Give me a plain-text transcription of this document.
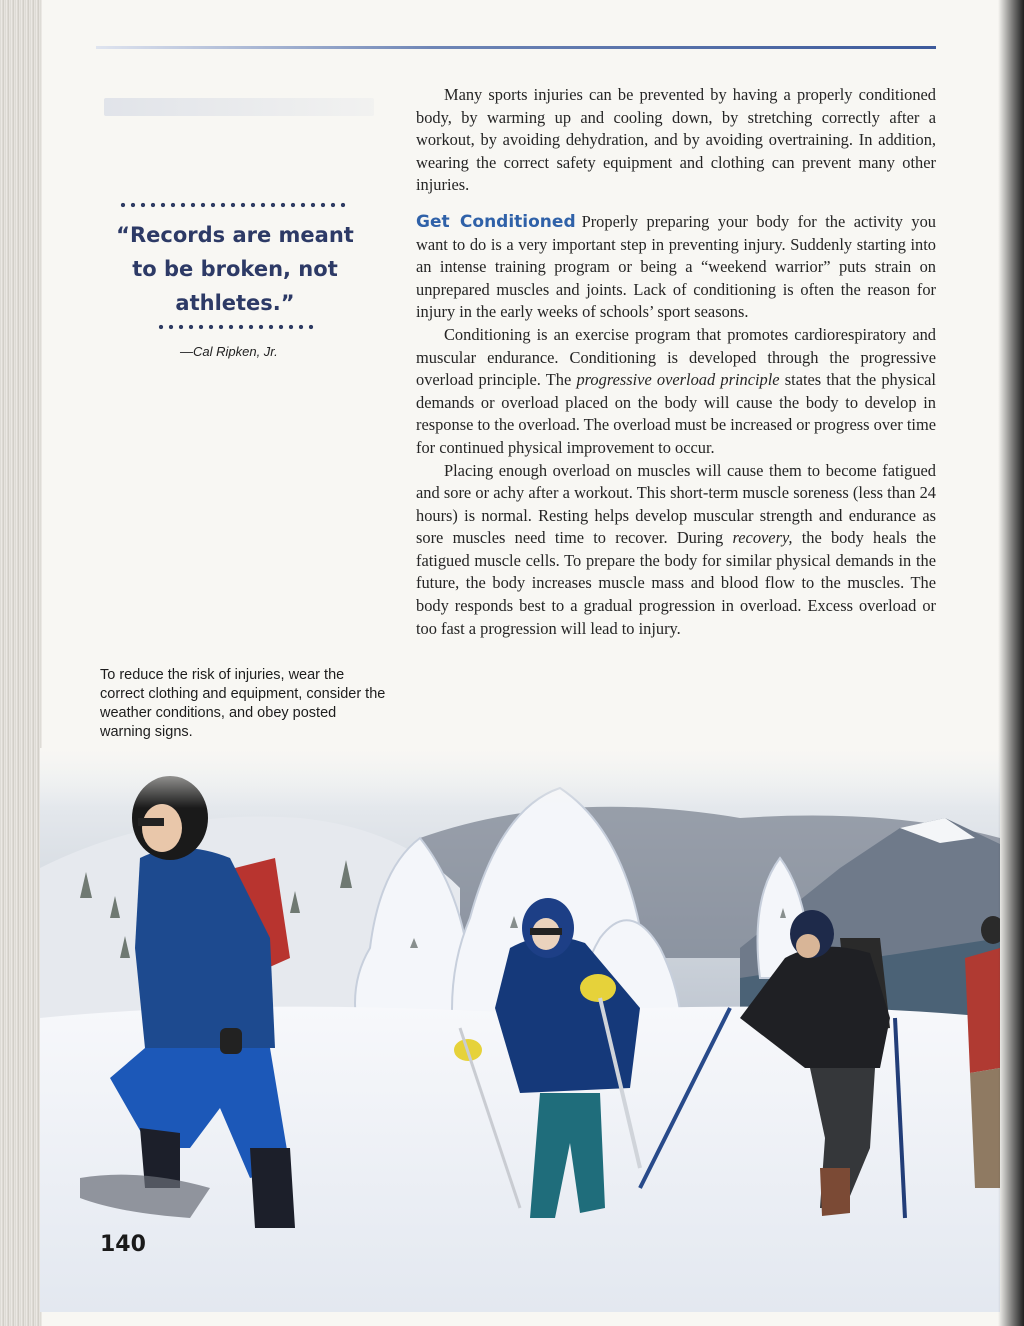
“Records are meant to be broken, not athletes.”
—Cal Ripken, Jr.
To reduce the risk of injuries, wear the correct clothing and equipment, consider the weather conditions, and obey posted warning signs.

Many sports injuries can be prevented by having a properly conditioned body, by warming up and cooling down, by stretching correctly after a workout, by avoiding dehydration, and by avoiding overtraining. In addition, wearing the correct safety equipment and clothing can prevent many other injuries.

Get Conditioned Properly preparing your body for the activity you want to do is a very important step in preventing injury. Suddenly starting into an intense training program or being a “weekend warrior” puts strain on unprepared muscles and joints. Lack of conditioning is often the reason for injury in the early weeks of schools’ sport seasons.

Conditioning is an exercise program that promotes cardiorespiratory and muscular endurance. Conditioning is developed through the progressive overload principle. The progressive overload principle states that the physical demands or overload placed on the body will cause the body to develop in response to the overload. The overload must be increased or progress over time for continued physical improvement to occur.

Placing enough overload on muscles will cause them to become fatigued and sore or achy after a workout. This short-term muscle soreness (less than 24 hours) is normal. Resting helps develop muscular strength and endurance as sore muscles need time to recover. During recovery, the body heals the fatigued muscle cells. To prepare the body for similar physical demands in the future, the body increases muscle mass and blood flow to the muscles. The body responds best to a gradual progression in overload. Excess overload or too fast a progression will lead to injury.

140
